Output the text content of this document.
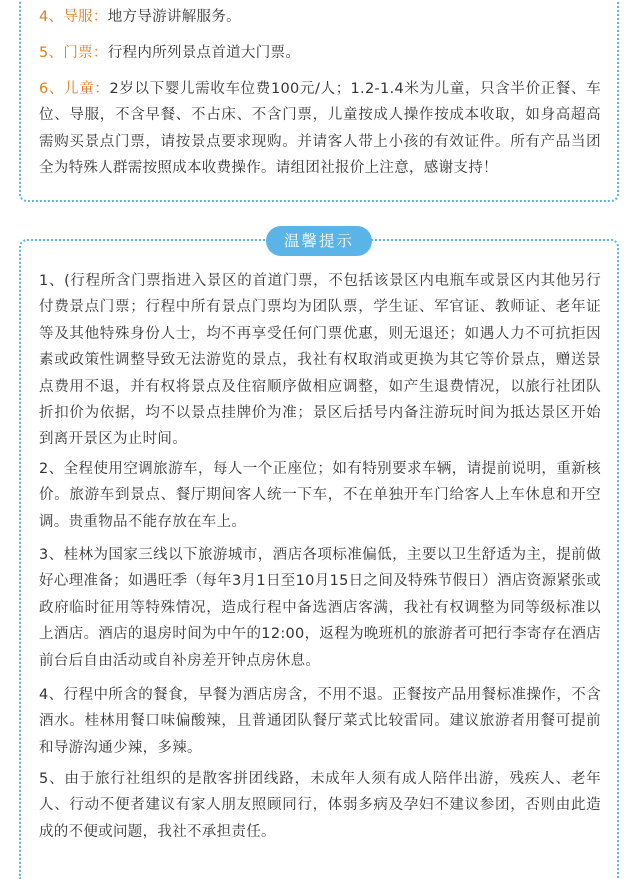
4、导服：地方导游讲解服务。

5、门票：行程内所列景点首道大门票。

6、儿童：2岁以下婴儿需收车位费100元/人；1.2-1.4米为儿童，只含半价正餐、车位、导服，不含早餐、不占床、不含门票，儿童按成人操作按成本收取，如身高超高需购买景点门票，请按景点要求现购。并请客人带上小孩的有效证件。所有产品当团全为特殊人群需按照成本收费操作。请组团社报价上注意，感谢支持！

温馨提示

1、(行程所含门票指进入景区的首道门票，不包括该景区内电瓶车或景区内其他另行付费景点门票；行程中所有景点门票均为团队票，学生证、军官证、教师证、老年证等及其他特殊身份人士，均不再享受任何门票优惠，则无退还；如遇人力不可抗拒因素或政策性调整导致无法游览的景点，我社有权取消或更换为其它等价景点，赠送景点费用不退，并有权将景点及住宿顺序做相应调整，如产生退费情况，以旅行社团队折扣价为依据，均不以景点挂牌价为准；景区后括号内备注游玩时间为抵达景区开始到离开景区为止时间。

2、全程使用空调旅游车，每人一个正座位；如有特别要求车辆，请提前说明，重新核价。旅游车到景点、餐厅期间客人统一下车，不在单独开车门给客人上车休息和开空调。贵重物品不能存放在车上。

3、桂林为国家三线以下旅游城市，酒店各项标准偏低，主要以卫生舒适为主，提前做好心理准备；如遇旺季（每年3月1日至10月15日之间及特殊节假日）酒店资源紧张或政府临时征用等特殊情况，造成行程中备选酒店客满，我社有权调整为同等级标准以上酒店。酒店的退房时间为中午的12:00，返程为晚班机的旅游者可把行李寄存在酒店前台后自由活动或自补房差开钟点房休息。

4、行程中所含的餐食，早餐为酒店房含，不用不退。正餐按产品用餐标准操作，不含酒水。桂林用餐口味偏酸辣，且普通团队餐厅菜式比较雷同。建议旅游者用餐可提前和导游沟通少辣，多辣。

5、由于旅行社组织的是散客拼团线路，未成年人须有成人陪伴出游，残疾人、老年人、行动不便者建议有家人朋友照顾同行，体弱多病及孕妇不建议参团，否则由此造成的不便或问题，我社不承担责任。
